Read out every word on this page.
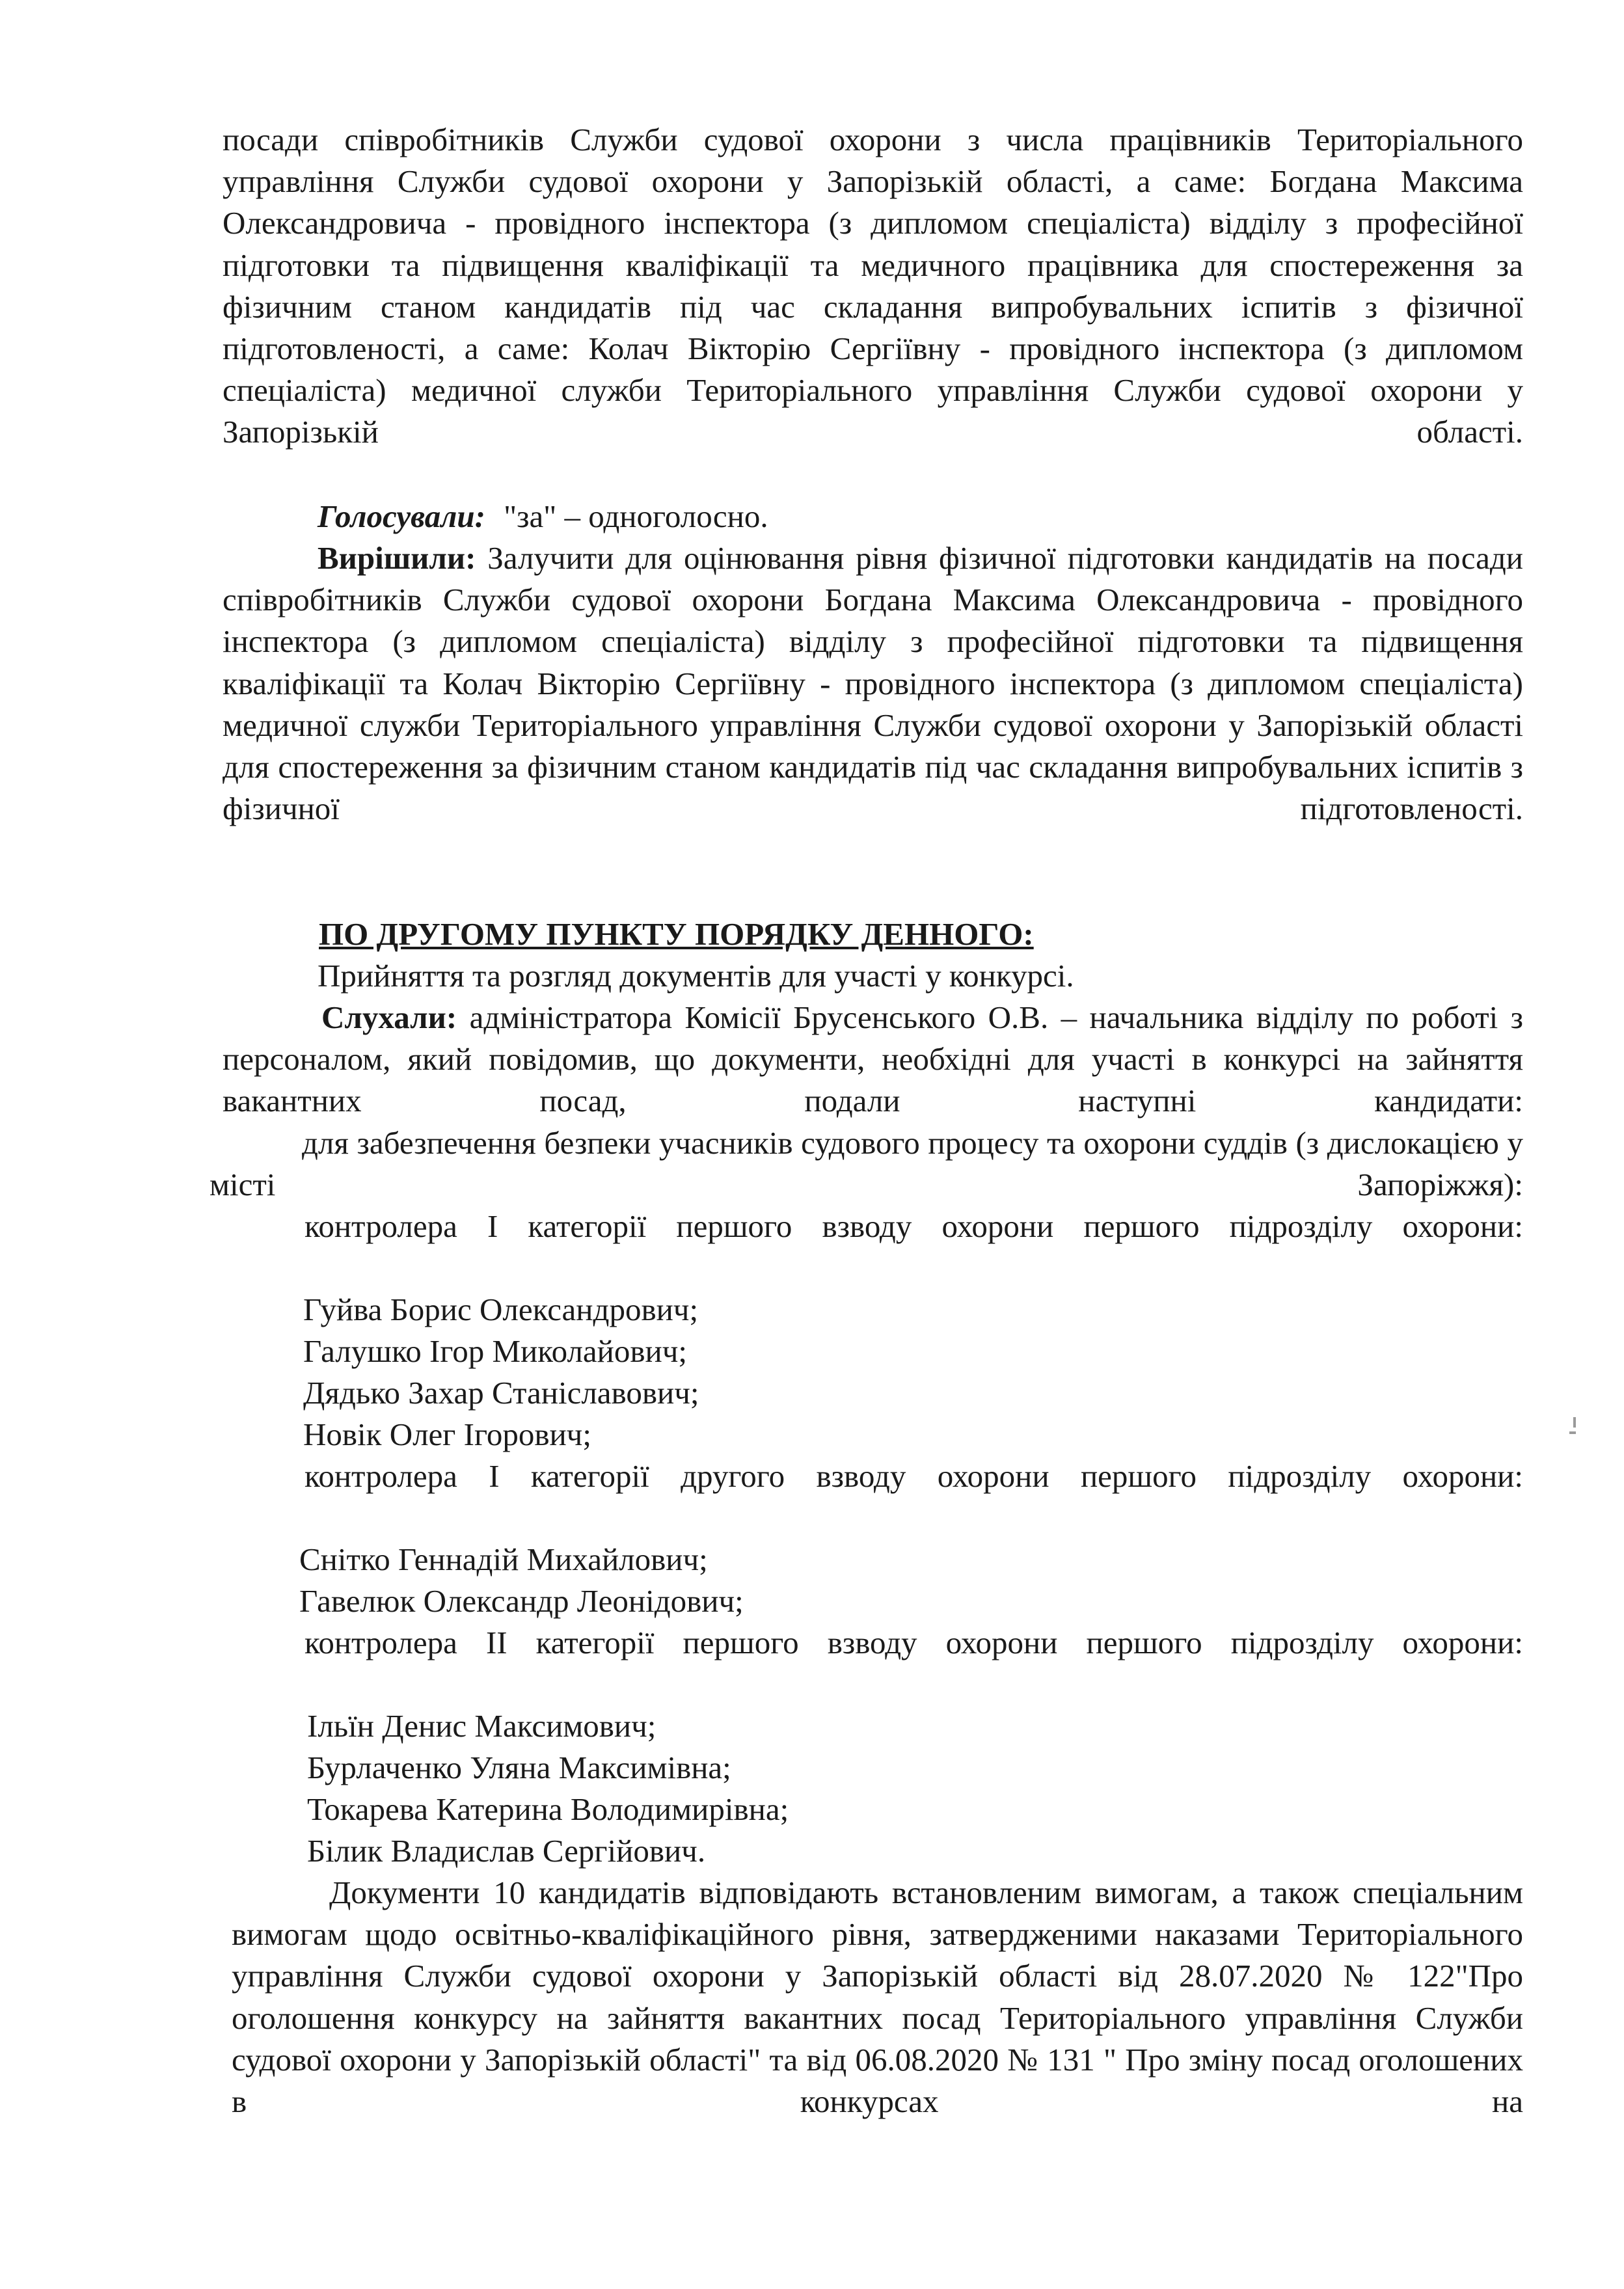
посади співробітників Служби судової охорони з числа працівників Територіального управління Служби судової охорони у Запорізькій області, а саме: Богдана Максима Олександровича - провідного інспектора (з дипломом спеціаліста) відділу з професійної підготовки та підвищення кваліфікації та медичного працівника для спостереження за фізичним станом кандидатів під час складання випробувальних іспитів з фізичної підготовленості, а саме: Колач Вікторію Сергіївну - провідного інспектора (з дипломом спеціаліста) медичної служби Територіального управління Служби судової охорони у Запорізькій області.

Голосували: "за" – одноголосно.

Вирішили: Залучити для оцінювання рівня фізичної підготовки кандидатів на посади співробітників Служби судової охорони Богдана Максима Олександровича - провідного інспектора (з дипломом спеціаліста) відділу з професійної підготовки та підвищення кваліфікації та Колач Вікторію Сергіївну - провідного інспектора (з дипломом спеціаліста) медичної служби Територіального управління Служби судової охорони у Запорізькій області для спостереження за фізичним станом кандидатів під час складання випробувальних іспитів з фізичної підготовленості.

ПО ДРУГОМУ ПУНКТУ ПОРЯДКУ ДЕННОГО:

Прийняття та розгляд документів для участі у конкурсі.

Слухали: адміністратора Комісії Брусенського О.В. – начальника відділу по роботі з персоналом, який повідомив, що документи, необхідні для участі в конкурсі на зайняття вакантних посад, подали наступні кандидати:

для забезпечення безпеки учасників судового процесу та охорони суддів (з дислокацією у місті Запоріжжя):

контролера І категорії першого взводу охорони першого підрозділу охорони:

Гуйва Борис Олександрович;

Галушко Ігор Миколайович;

Дядько Захар Станіславович;

Новік Олег Ігорович;

контролера І категорії другого взводу охорони першого підрозділу охорони:

Снітко Геннадій Михайлович;

Гавелюк Олександр Леонідович;

контролера ІІ категорії першого взводу охорони першого підрозділу охорони:

Ільїн Денис Максимович;

Бурлаченко Уляна Максимівна;

Токарева Катерина Володимирівна;

Білик Владислав Сергійович.

Документи 10 кандидатів відповідають встановленим вимогам, а також спеціальним вимогам щодо освітньо-кваліфікаційного рівня, затвердженими наказами Територіального управління Служби судової охорони у Запорізькій області від 28.07.2020 № 122"Про оголошення конкурсу на зайняття вакантних посад Територіального управління Служби судової охорони у Запорізькій області" та від 06.08.2020 № 131 " Про зміну посад оголошених в конкурсах на
